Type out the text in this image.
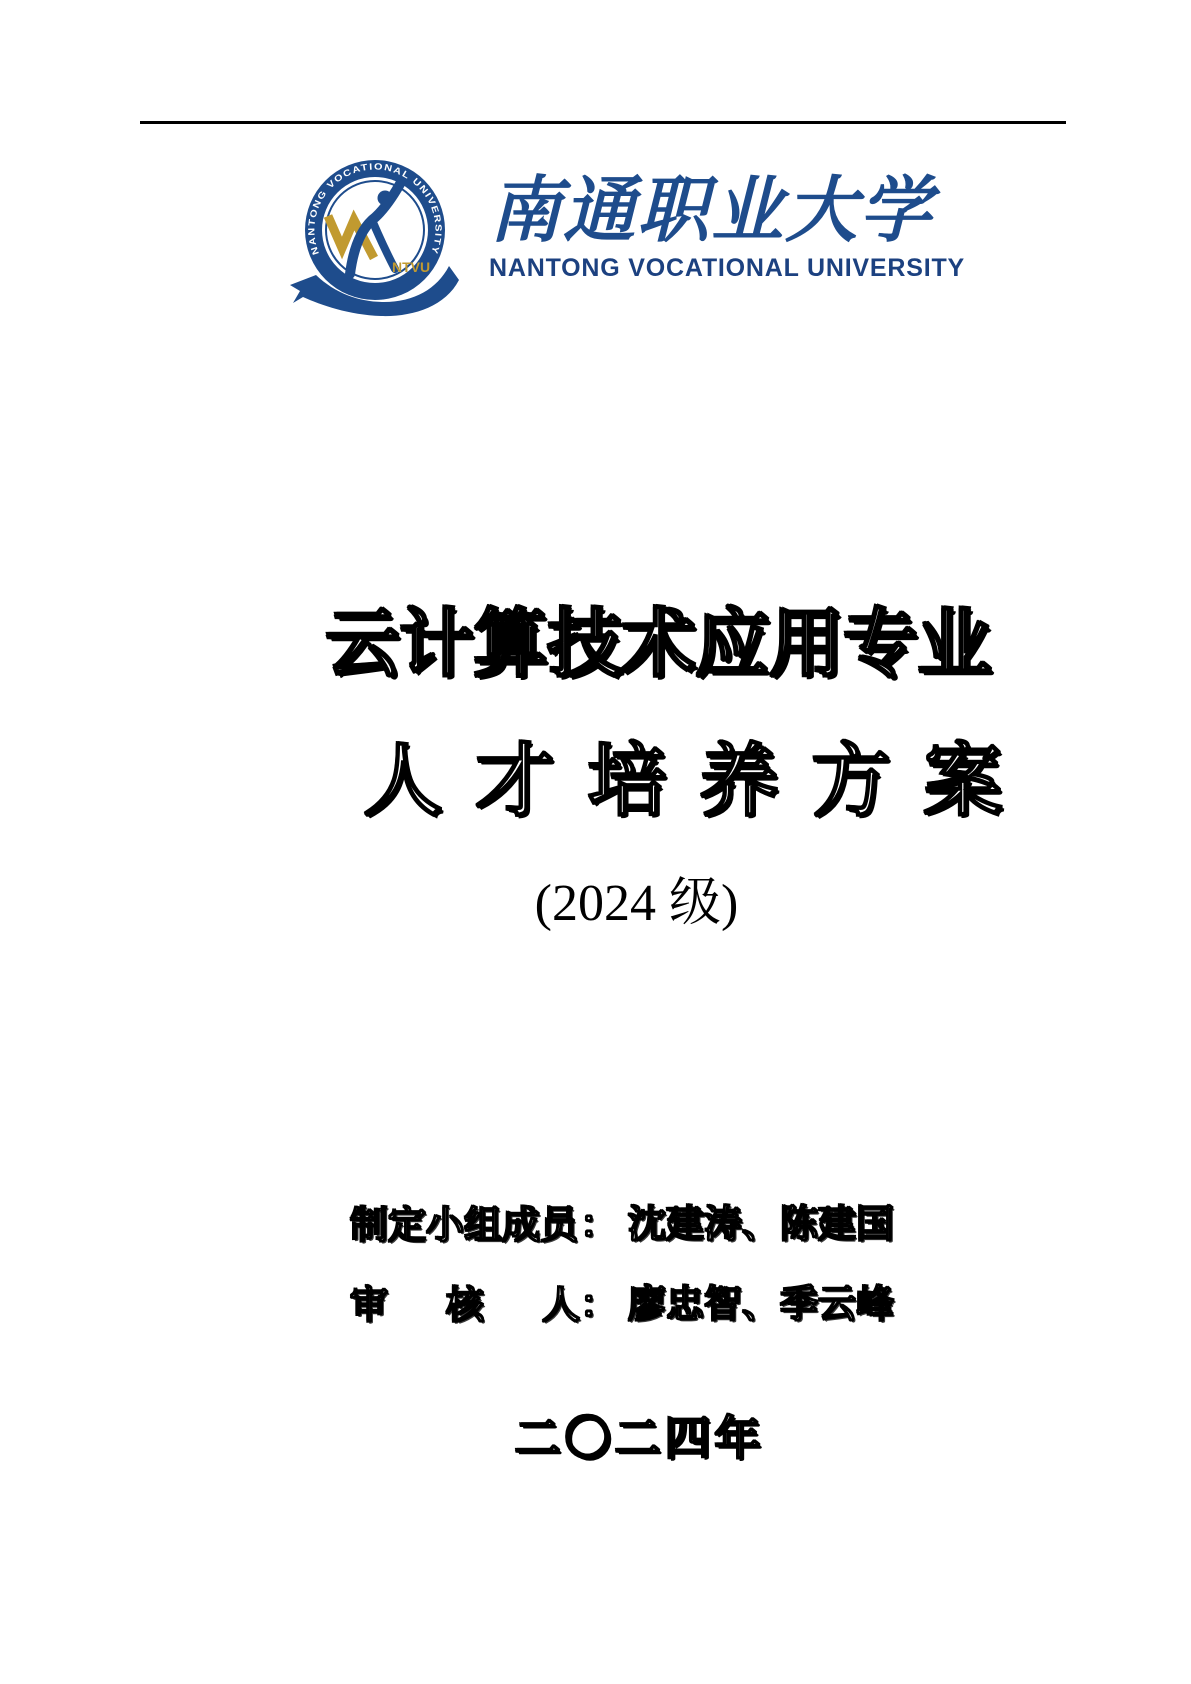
NANTONG VOCATIONAL UNIVERSITY
NTVU
南通职业大学
NANTONG VOCATIONAL UNIVERSITY
云计算技术应用专业
人才培养方案
(2024 级)
制定小组成员： 沈建涛、陈建国
审 核 人 ： 廖忠智、季云峰
二〇二四年
